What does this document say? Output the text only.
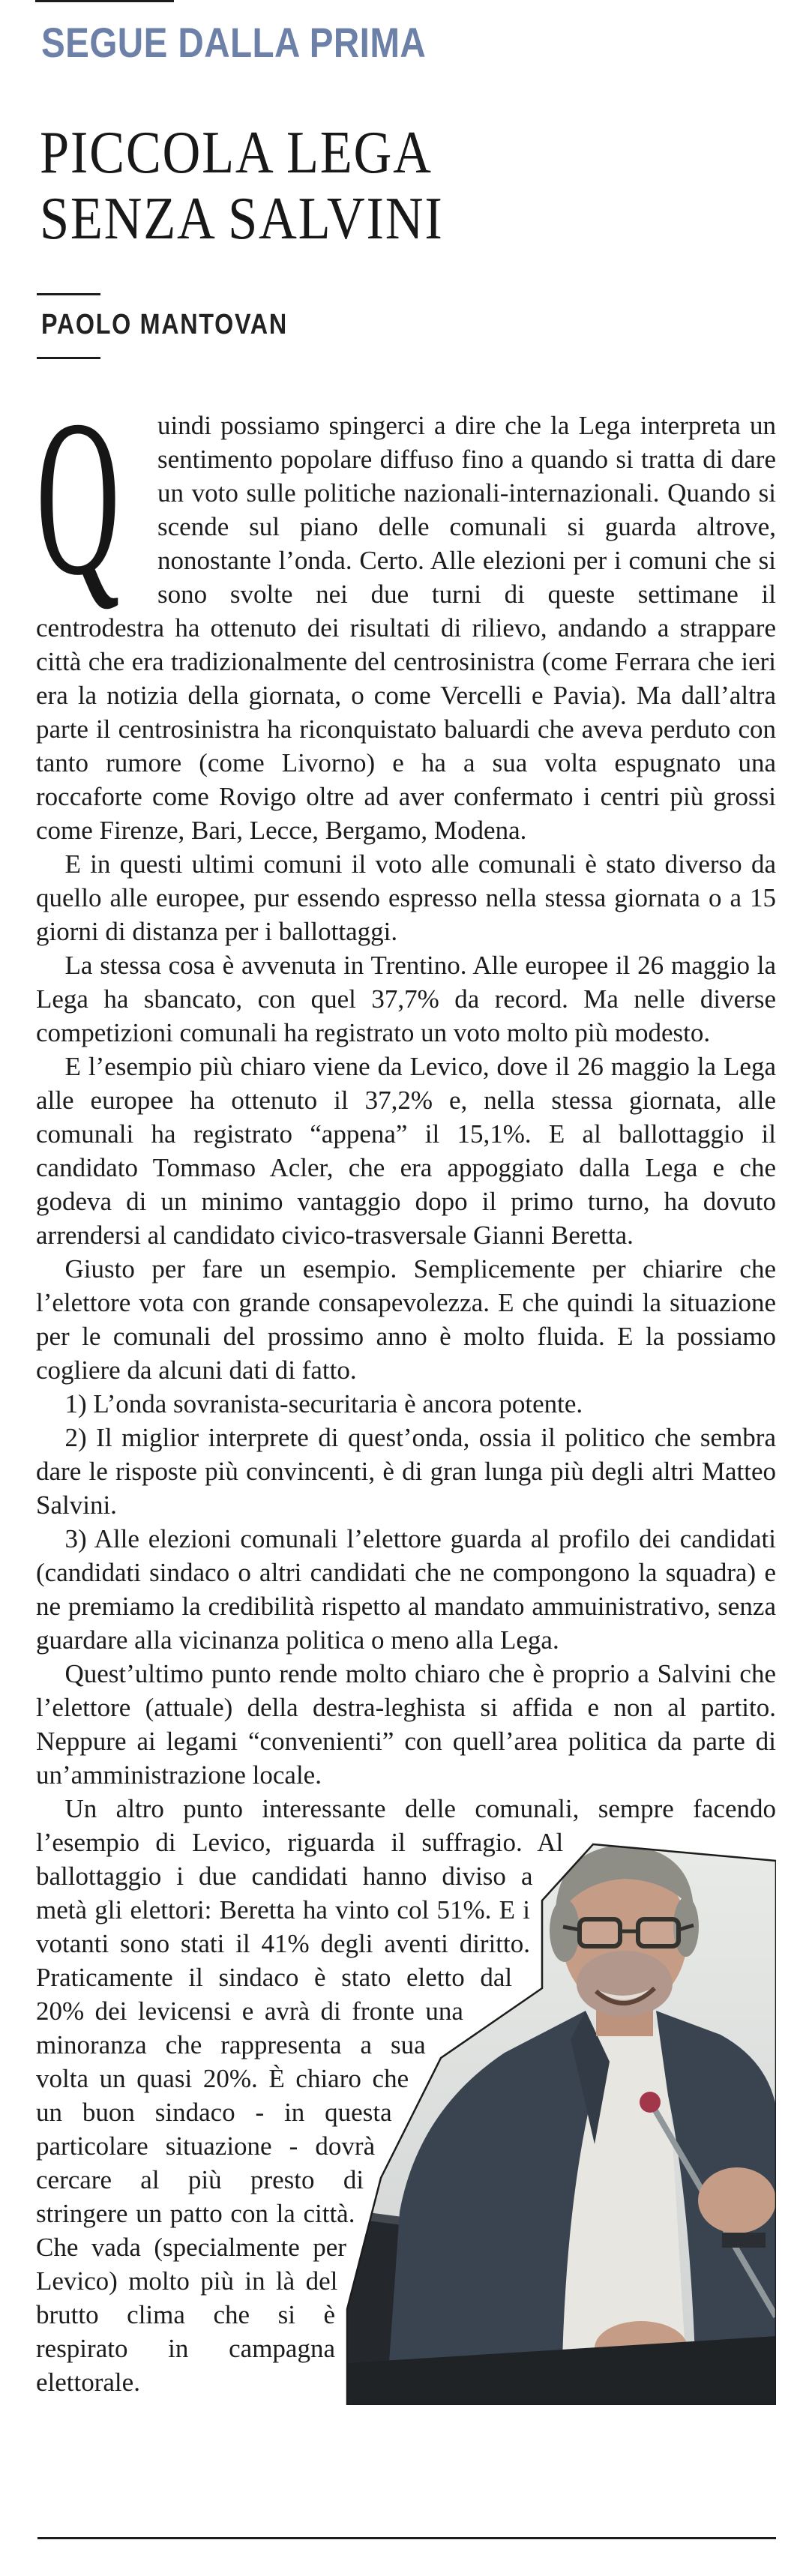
SEGUE DALLA PRIMA
PICCOLA LEGA
SENZA SALVINI
PAOLO MANTOVAN

Q uindi possiamo spingerci a dire che la Lega interpreta un sentimento popolare diffuso fino a quando si tratta di dare un voto sulle politiche nazionali-internazionali. Quando si scende sul piano delle comunali si guarda altrove, nonostante l’onda. Certo. Alle elezioni per i comuni che si sono svolte nei due turni di queste settimane il centrodestra ha ottenuto dei risultati di rilievo, andando a strappare città che era tradizionalmente del centrosinistra (come Ferrara che ieri era la notizia della giornata, o come Vercelli e Pavia). Ma dall’altra parte il centrosinistra ha riconquistato baluardi che aveva perduto con tanto rumore (come Livorno) e ha a sua volta espugnato una roccaforte come Rovigo oltre ad aver confermato i centri più grossi come Firenze, Bari, Lecce, Bergamo, Modena.

E in questi ultimi comuni il voto alle comunali è stato diverso da quello alle europee, pur essendo espresso nella stessa giornata o a 15 giorni di distanza per i ballottaggi.

La stessa cosa è avvenuta in Trentino. Alle europee il 26 maggio la Lega ha sbancato, con quel 37,7% da record. Ma nelle diverse competizioni comunali ha registrato un voto molto più modesto.

E l’esempio più chiaro viene da Levico, dove il 26 maggio la Lega alle europee ha ottenuto il 37,2% e, nella stessa giornata, alle comunali ha registrato “appena” il 15,1%. E al ballottaggio il candidato Tommaso Acler, che era appoggiato dalla Lega e che godeva di un minimo vantaggio dopo il primo turno, ha dovuto arrendersi al candidato civico-trasversale Gianni Beretta.

Giusto per fare un esempio. Semplicemente per chiarire che l’elettore vota con grande consapevolezza. E che quindi la situazione per le comunali del prossimo anno è molto fluida. E la possiamo cogliere da alcuni dati di fatto.

1) L’onda sovranista-securitaria è ancora potente.

2) Il miglior interprete di quest’onda, ossia il politico che sembra dare le risposte più convincenti, è di gran lunga più degli altri Matteo Salvini.

3) Alle elezioni comunali l’elettore guarda al profilo dei candidati (candidati sindaco o altri candidati che ne compongono la squadra) e ne premiamo la credibilità rispetto al mandato ammuinistrativo, senza guardare alla vicinanza politica o meno alla Lega.

Quest’ultimo punto rende molto chiaro che è proprio a Salvini che l’elettore (attuale) della destra-leghista si affida e non al partito. Neppure ai legami “convenienti” con quell’area politica da parte di un’amministrazione locale.

Un altro punto interessante delle comunali, sempre facendo l’esempio di Levico, riguarda il suffragio. Al ballottaggio i due candidati hanno diviso a metà gli elettori: Beretta ha vinto col 51%. E i votanti sono stati il 41% degli aventi diritto. Praticamente il sindaco è stato eletto dal 20% dei levicensi e avrà di fronte una minoranza che rappresenta a sua volta un quasi 20%. È chiaro che un buon sindaco - in questa particolare situazione - dovrà cercare al più presto di stringere un patto con la città. Che vada (specialmente per Levico) molto più in là del brutto clima che si è respirato in campagna elettorale.
